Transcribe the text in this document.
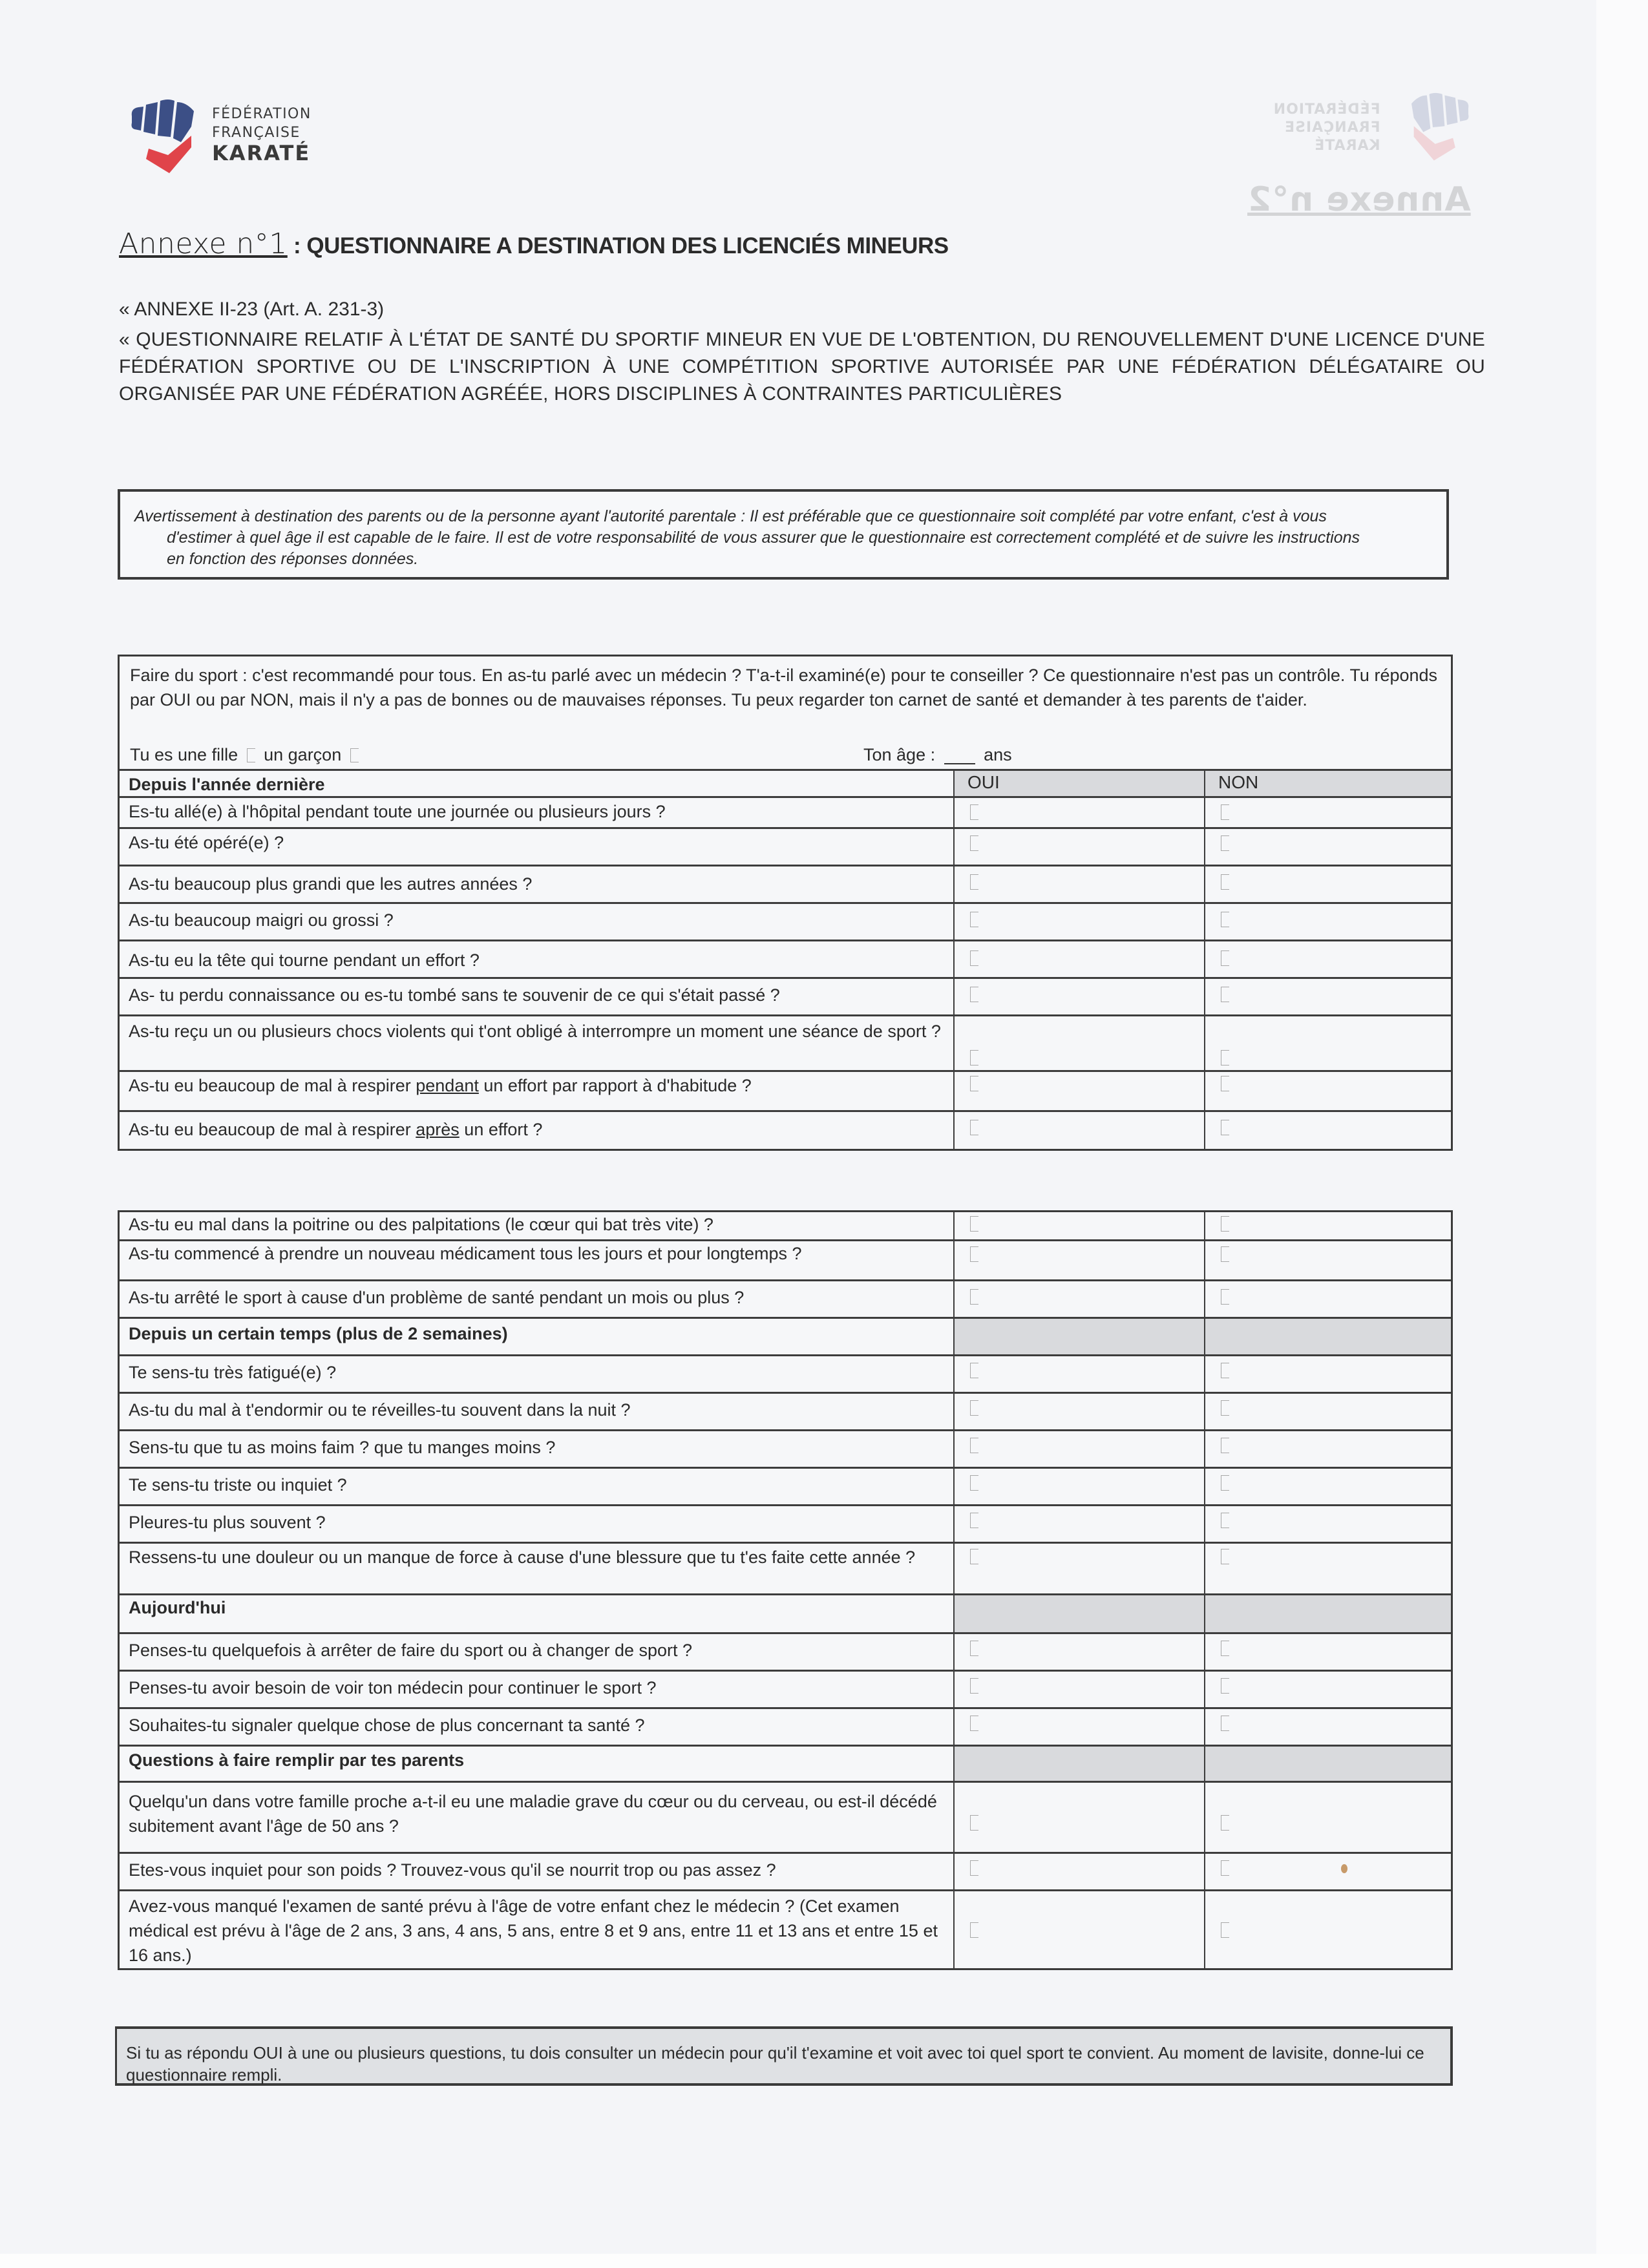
FÉDÉRATION
FRANÇAISE
KARATÉ
FÉDÉRATION
FRANÇAISE
KARATÉ
Annexe n°2
Annexe n°1 : QUESTIONNAIRE A DESTINATION DES LICENCIÉS MINEURS
« ANNEXE II-23 (Art. A. 231-3)
« QUESTIONNAIRE RELATIF À L'ÉTAT DE SANTÉ DU SPORTIF MINEUR EN VUE DE L'OBTENTION, DU RENOUVELLEMENT D'UNE LICENCE D'UNE FÉDÉRATION SPORTIVE OU DE L'INSCRIPTION À UNE COMPÉTITION SPORTIVE AUTORISÉE PAR UNE FÉDÉRATION DÉLÉGATAIRE OU ORGANISÉE PAR UNE FÉDÉRATION AGRÉÉE, HORS DISCIPLINES À CONTRAINTES PARTICULIÈRES

Avertissement à destination des parents ou de la personne ayant l'autorité parentale : Il est préférable que ce questionnaire soit complété par votre enfant, c'est à vous
d'estimer à quel âge il est capable de le faire. Il est de votre responsabilité de vous assurer que le questionnaire est correctement complété et de suivre les instructions
en fonction des réponses données.

Faire du sport : c'est recommandé pour tous. En as-tu parlé avec un médecin ? T'a-t-il examiné(e) pour te conseiller ? Ce questionnaire n'est pas un contrôle. Tu réponds par OUI ou par NON, mais il n'y a pas de bonnes ou de mauvaises réponses. Tu peux regarder ton carnet de santé et demander à tes parents de t'aider.
Tu es une fille un garçon	Ton âge :	ans
Depuis l'année dernière	OUI	NON
Es-tu allé(e) à l'hôpital pendant toute une journée ou plusieurs jours ?
As-tu été opéré(e) ?
As-tu beaucoup plus grandi que les autres années ?
As-tu beaucoup maigri ou grossi ?
As-tu eu la tête qui tourne pendant un effort ?
As- tu perdu connaissance ou es-tu tombé sans te souvenir de ce qui s'était passé ?
As-tu reçu un ou plusieurs chocs violents qui t'ont obligé à interrompre un moment une séance de sport ?
As-tu eu beaucoup de mal à respirer pendant un effort par rapport à d'habitude ?
As-tu eu beaucoup de mal à respirer après un effort ?
As-tu eu mal dans la poitrine ou des palpitations (le cœur qui bat très vite) ?
As-tu commencé à prendre un nouveau médicament tous les jours et pour longtemps ?
As-tu arrêté le sport à cause d'un problème de santé pendant un mois ou plus ?
Depuis un certain temps (plus de 2 semaines)
Te sens-tu très fatigué(e) ?
As-tu du mal à t'endormir ou te réveilles-tu souvent dans la nuit ?
Sens-tu que tu as moins faim ? que tu manges moins ?
Te sens-tu triste ou inquiet ?
Pleures-tu plus souvent ?
Ressens-tu une douleur ou un manque de force à cause d'une blessure que tu t'es faite cette année ?
Aujourd'hui
Penses-tu quelquefois à arrêter de faire du sport ou à changer de sport ?
Penses-tu avoir besoin de voir ton médecin pour continuer le sport ?
Souhaites-tu signaler quelque chose de plus concernant ta santé ?
Questions à faire remplir par tes parents
Quelqu'un dans votre famille proche a-t-il eu une maladie grave du cœur ou du cerveau, ou est-il décédé subitement avant l'âge de 50 ans ?
Etes-vous inquiet pour son poids ? Trouvez-vous qu'il se nourrit trop ou pas assez ?
Avez-vous manqué l'examen de santé prévu à l'âge de votre enfant chez le médecin ? (Cet examen médical est prévu à l'âge de 2 ans, 3 ans, 4 ans, 5 ans, entre 8 et 9 ans, entre 11 et 13 ans et entre 15 et 16 ans.)

Si tu as répondu OUI à une ou plusieurs questions, tu dois consulter un médecin pour qu'il t'examine et voit avec toi quel sport te convient. Au moment de lavisite, donne-lui ce questionnaire rempli.
